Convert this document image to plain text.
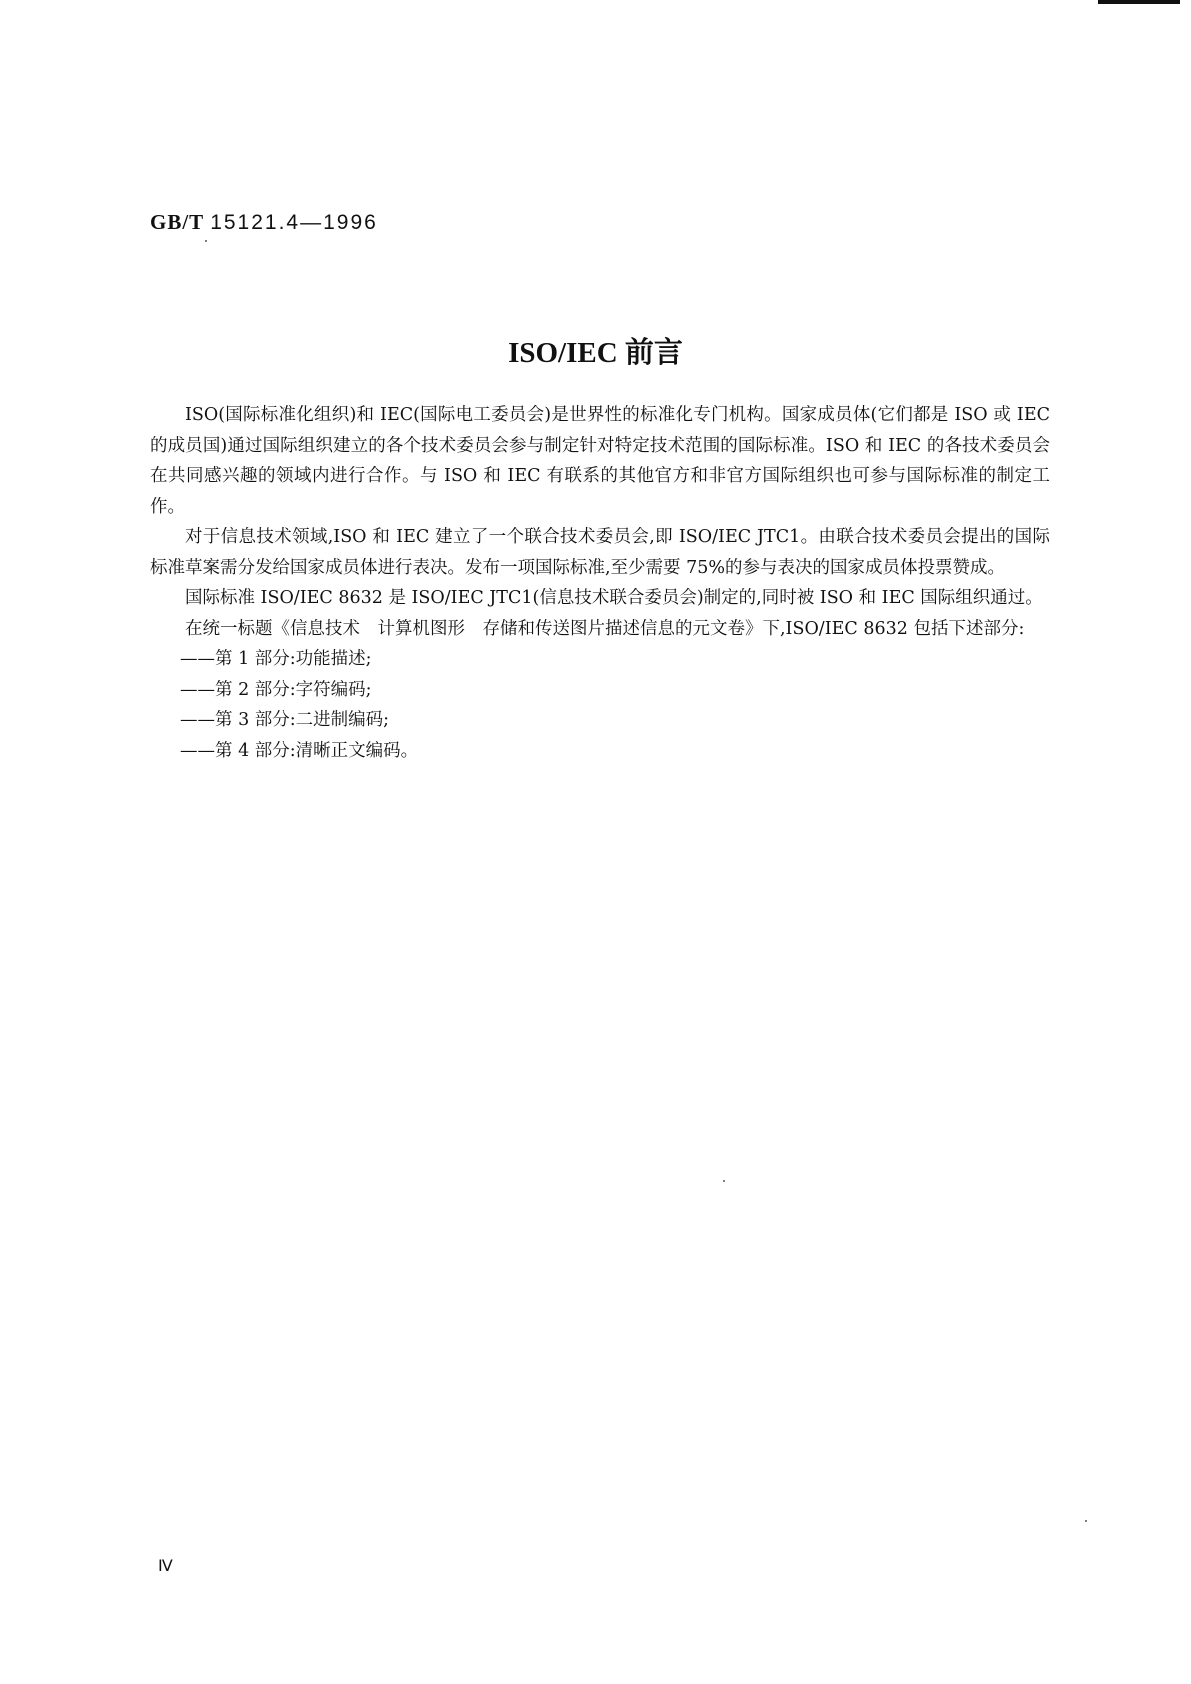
GB/T 15121.4—1996
ISO/IEC 前言

ISO(国际标准化组织)和 IEC(国际电工委员会)是世界性的标准化专门机构。国家成员体(它们都是 ISO 或 IEC 的成员国)通过国际组织建立的各个技术委员会参与制定针对特定技术范围的国际标准。ISO 和 IEC 的各技术委员会在共同感兴趣的领域内进行合作。与 ISO 和 IEC 有联系的其他官方和非官方国际组织也可参与国际标准的制定工作。

对于信息技术领域,ISO 和 IEC 建立了一个联合技术委员会,即 ISO/IEC JTC1。由联合技术委员会提出的国际标准草案需分发给国家成员体进行表决。发布一项国际标准,至少需要 75%的参与表决的国家成员体投票赞成。

国际标准 ISO/IEC 8632 是 ISO/IEC JTC1(信息技术联合委员会)制定的,同时被 ISO 和 IEC 国际组织通过。

在统一标题《信息技术　计算机图形　存储和传送图片描述信息的元文卷》下,ISO/IEC 8632 包括下述部分:

——第 1 部分:功能描述;

——第 2 部分:字符编码;

——第 3 部分:二进制编码;

——第 4 部分:清晰正文编码。

Ⅳ
